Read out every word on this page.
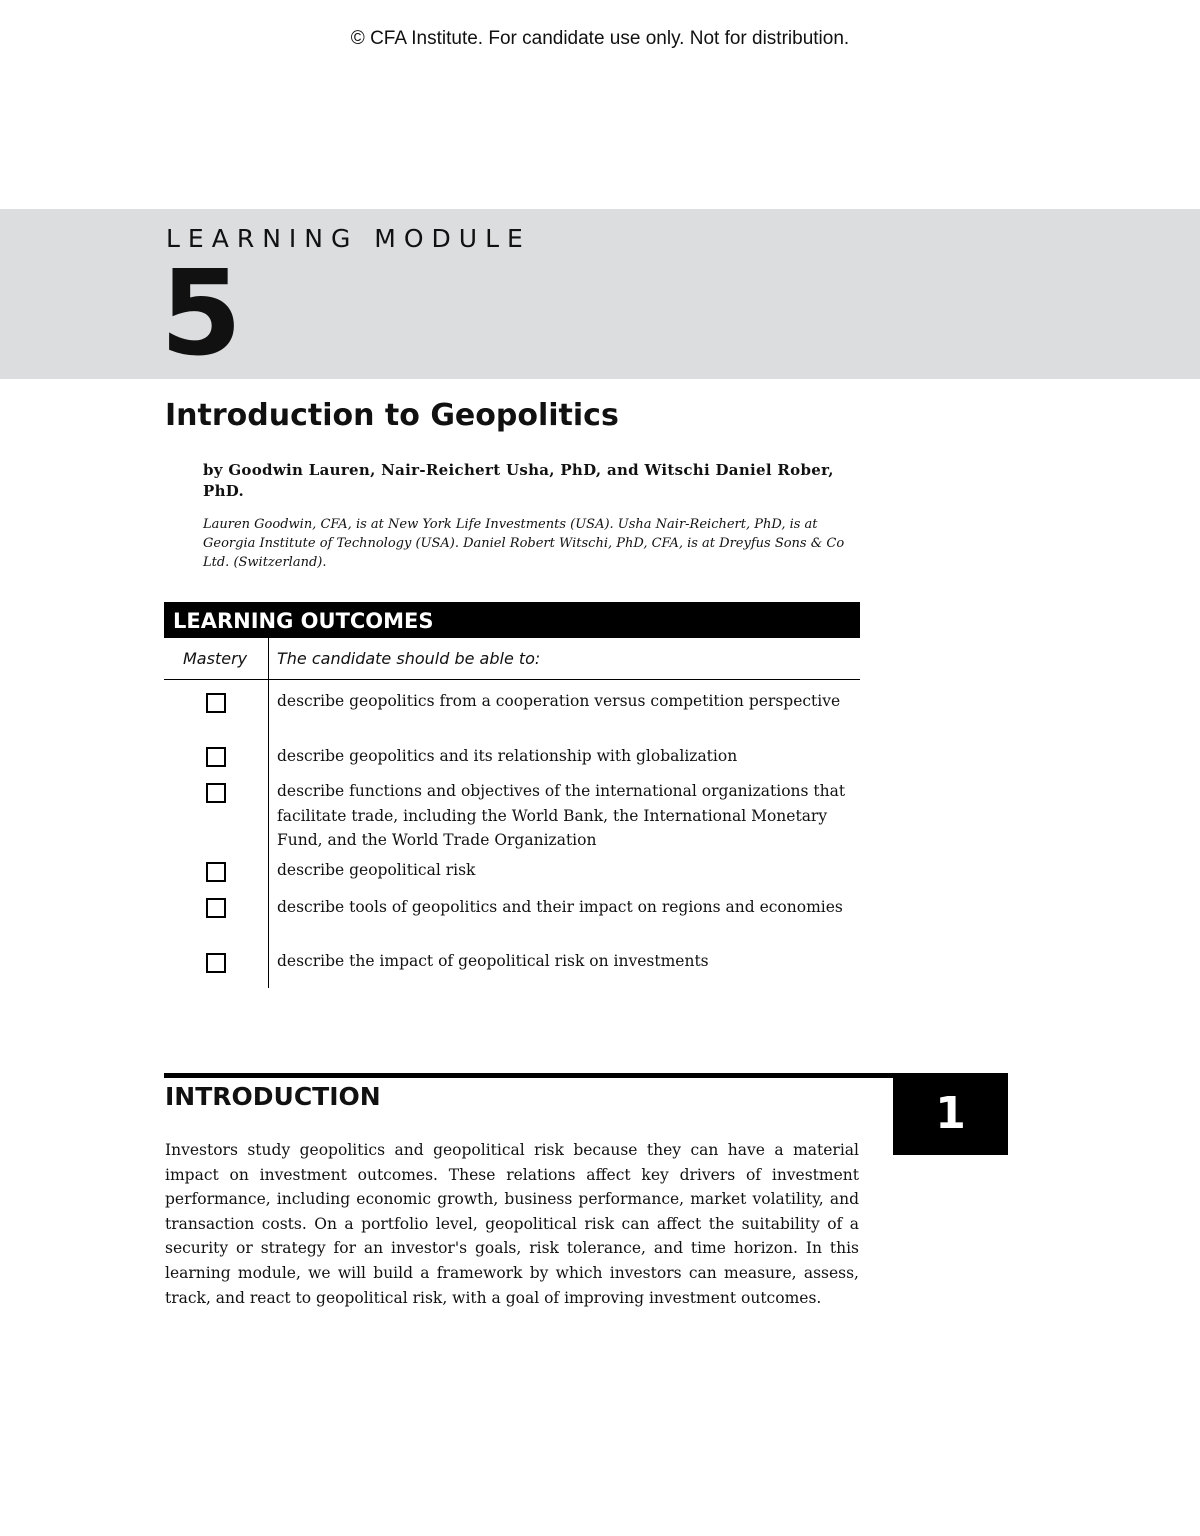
© CFA Institute. For candidate use only. Not for distribution.
LEARNING MODULE
5
Introduction to Geopolitics
by Goodwin Lauren, Nair-Reichert Usha, PhD, and Witschi Daniel Rober, PhD.
Lauren Goodwin, CFA, is at New York Life Investments (USA). Usha Nair-Reichert, PhD, is at Georgia Institute of Technology (USA). Daniel Robert Witschi, PhD, CFA, is at Dreyfus Sons & Co Ltd. (Switzerland).
LEARNING OUTCOMES
Mastery The candidate should be able to:
describe geopolitics from a cooperation versus competition perspective
describe geopolitics and its relationship with globalization
describe functions and objectives of the international organizations that facilitate trade, including the World Bank, the International Monetary Fund, and the World Trade Organization
describe geopolitical risk
describe tools of geopolitics and their impact on regions and economies
describe the impact of geopolitical risk on investments
INTRODUCTION	1
Investors study geopolitics and geopolitical risk because they can have a material impact on investment outcomes. These relations affect key drivers of investment performance, including economic growth, business performance, market volatility, and transaction costs. On a portfolio level, geopolitical risk can affect the suitability of a security or strategy for an investor's goals, risk tolerance, and time horizon. In this learning module, we will build a framework by which investors can measure, assess, track, and react to geopolitical risk, with a goal of improving investment outcomes.
